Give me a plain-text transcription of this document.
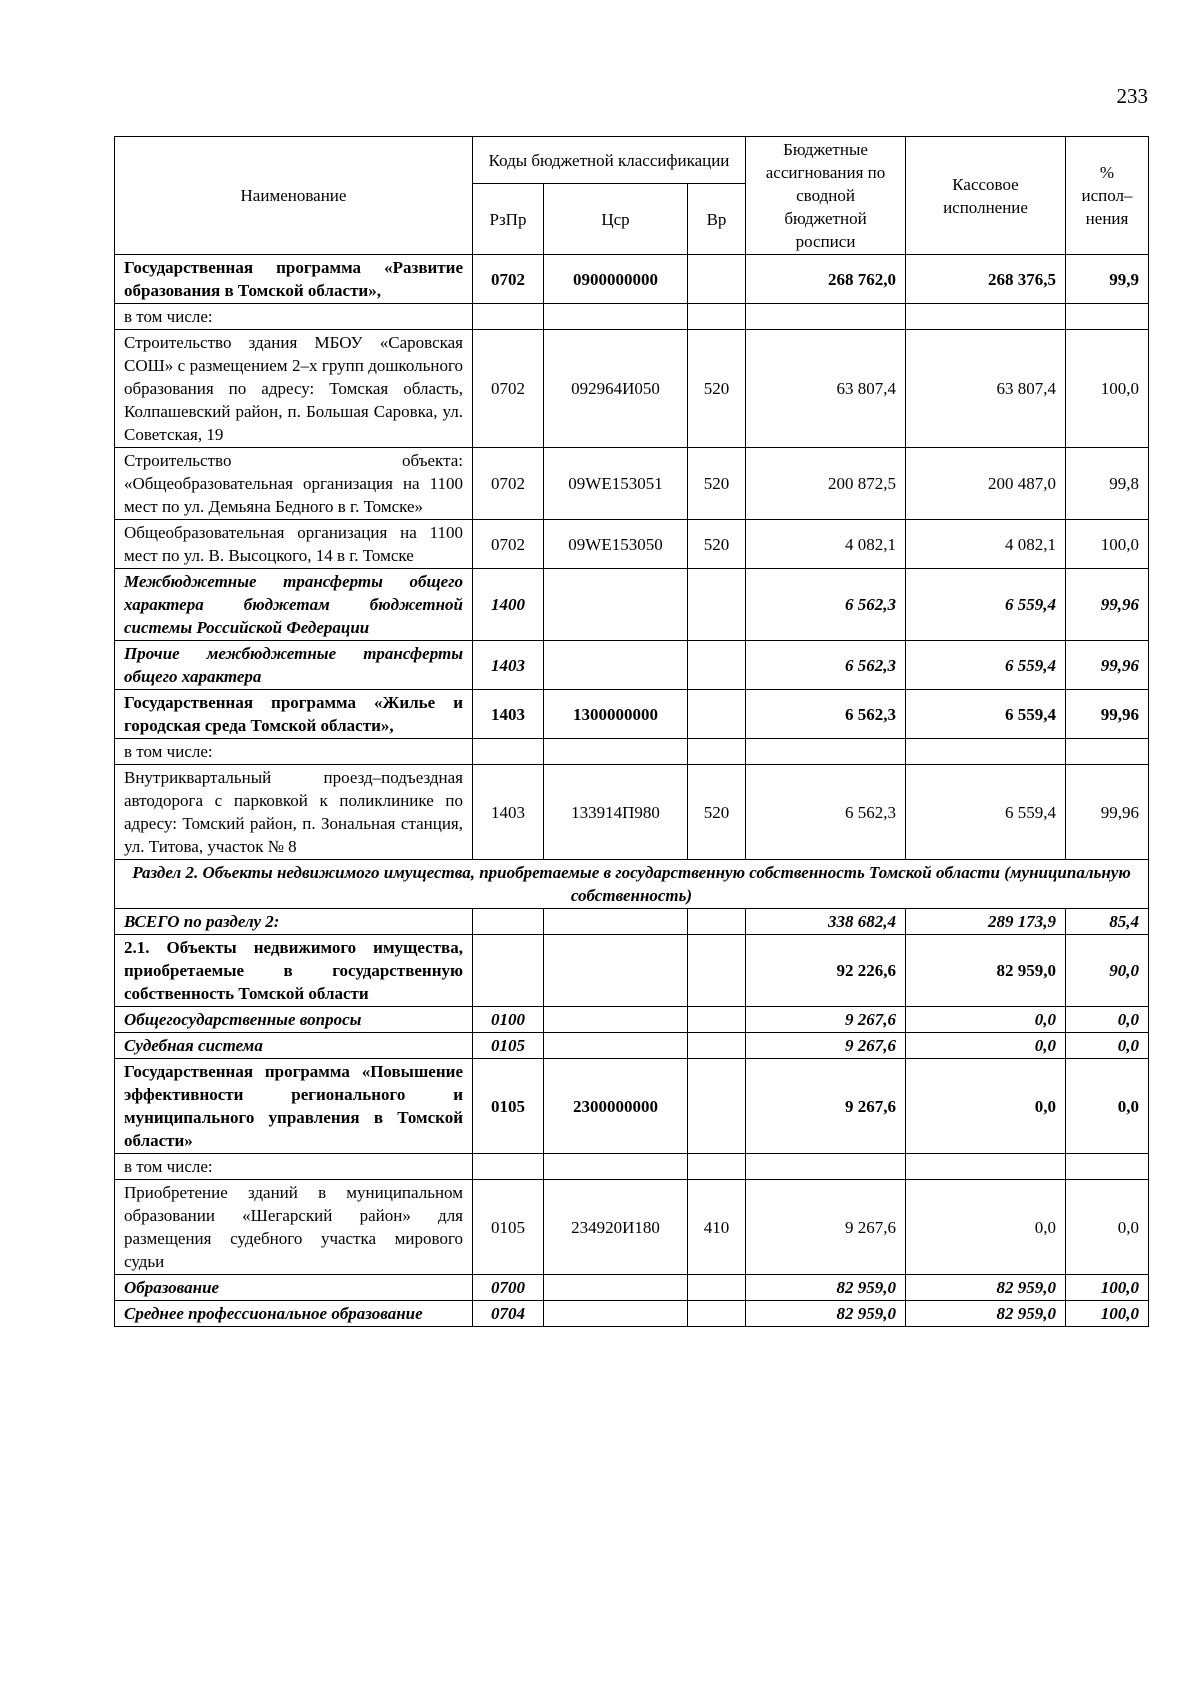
233
Наименование	Коды бюджетной классификации			Бюджетные ассигнования по сводной бюджетной росписи	Кассовое исполнение	% испол– нения
	РзПр	Цср	Вр			
Государственная программа «Развитие образования в Томской области»,	0702	0900000000		268 762,0	268 376,5	99,9
в том числе:						
Строительство здания МБОУ «Саровская СОШ» с размещением 2–х групп дошкольного образования по адресу: Томская область, Колпашевский район, п. Большая Саровка, ул. Советская, 19	0702	092964И050	520	63 807,4	63 807,4	100,0
Строительство объекта: «Общеобразовательная организация на 1100 мест по ул. Демьяна Бедного в г. Томске»	0702	09WE153051	520	200 872,5	200 487,0	99,8
Общеобразовательная организация на 1100 мест по ул. В. Высоцкого, 14 в г. Томске	0702	09WE153050	520	4 082,1	4 082,1	100,0
Межбюджетные трансферты общего характера бюджетам бюджетной системы Российской Федерации	1400			6 562,3	6 559,4	99,96
Прочие межбюджетные трансферты общего характера	1403			6 562,3	6 559,4	99,96
Государственная программа «Жилье и городская среда Томской области»,	1403	1300000000		6 562,3	6 559,4	99,96
в том числе:						
Внутриквартальный проезд–подъездная автодорога с парковкой к поликлинике по адресу: Томский район, п. Зональная станция, ул. Титова, участок № 8	1403	133914П980	520	6 562,3	6 559,4	99,96
Раздел 2. Объекты недвижимого имущества, приобретаемые в государственную собственность Томской области (муниципальную собственность)						
ВСЕГО по разделу 2:				338 682,4	289 173,9	85,4
2.1. Объекты недвижимого имущества, приобретаемые в государственную собственность Томской области				92 226,6	82 959,0	90,0
Общегосударственные вопросы	0100			9 267,6	0,0	0,0
Судебная система	0105			9 267,6	0,0	0,0
Государственная программа «Повышение эффективности регионального и муниципального управления в Томской области»	0105	2300000000		9 267,6	0,0	0,0
в том числе:						
Приобретение зданий в муниципальном образовании «Шегарский район» для размещения судебного участка мирового судьи	0105	234920И180	410	9 267,6	0,0	0,0
Образование	0700			82 959,0	82 959,0	100,0
Среднее профессиональное образование	0704			82 959,0	82 959,0	100,0
